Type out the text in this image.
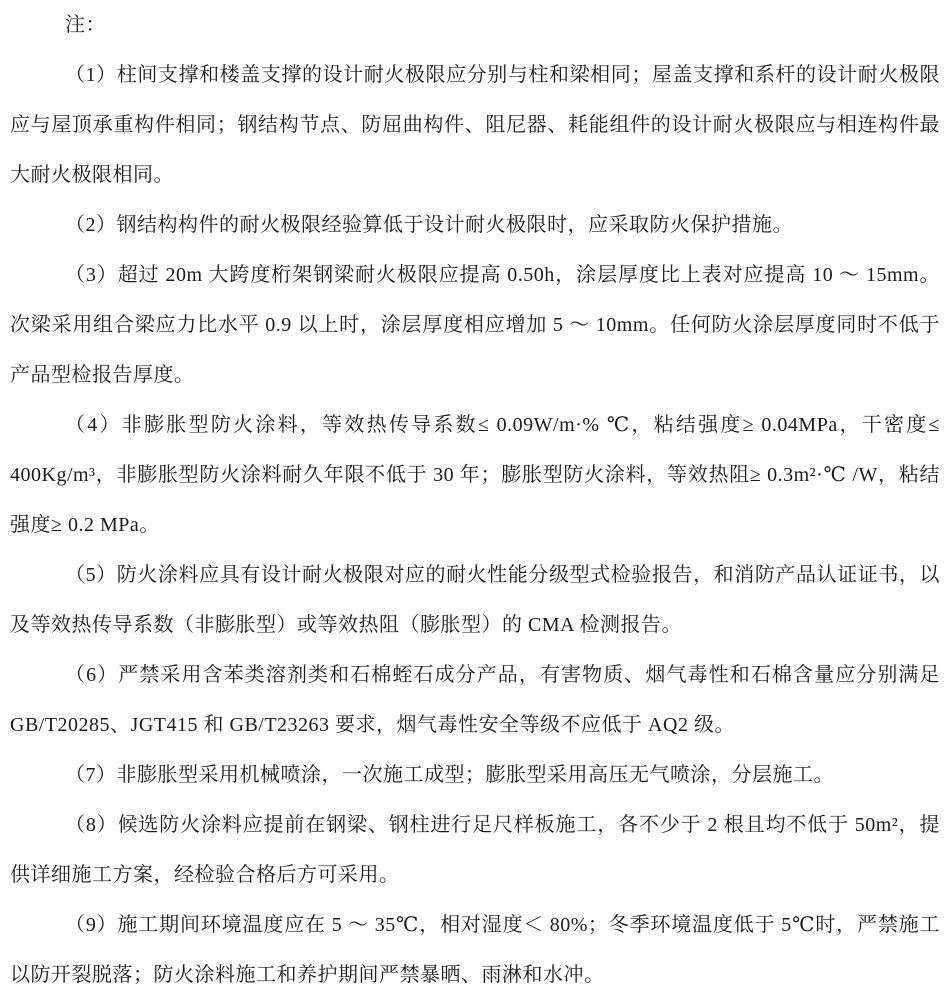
注：

（1）柱间支撑和楼盖支撑的设计耐火极限应分别与柱和梁相同；屋盖支撑和系杆的设计耐火极限应与屋顶承重构件相同；钢结构节点、防屈曲构件、阻尼器、耗能组件的设计耐火极限应与相连构件最大耐火极限相同。

（2）钢结构构件的耐火极限经验算低于设计耐火极限时，应采取防火保护措施。

（3）超过 20m 大跨度桁架钢梁耐火极限应提高 0.50h，涂层厚度比上表对应提高 10 ～ 15mm。次梁采用组合梁应力比水平 0.9 以上时，涂层厚度相应增加 5 ～ 10mm。任何防火涂层厚度同时不低于产品型检报告厚度。

（4）非膨胀型防火涂料，等效热传导系数≤ 0.09W/m·% ℃，粘结强度≥ 0.04MPa，干密度≤ 400Kg/m³，非膨胀型防火涂料耐久年限不低于 30 年；膨胀型防火涂料，等效热阻≥ 0.3m²·℃ /W，粘结强度≥ 0.2 MPa。

（5）防火涂料应具有设计耐火极限对应的耐火性能分级型式检验报告，和消防产品认证证书，以及等效热传导系数（非膨胀型）或等效热阻（膨胀型）的 CMA 检测报告。

（6）严禁采用含苯类溶剂类和石棉蛭石成分产品，有害物质、烟气毒性和石棉含量应分别满足 GB/T20285、JGT415 和 GB/T23263 要求，烟气毒性安全等级不应低于 AQ2 级。

（7）非膨胀型采用机械喷涂，一次施工成型；膨胀型采用高压无气喷涂，分层施工。

（8）候选防火涂料应提前在钢梁、钢柱进行足尺样板施工，各不少于 2 根且均不低于 50m²，提供详细施工方案，经检验合格后方可采用。

（9）施工期间环境温度应在 5 ～ 35℃，相对湿度＜ 80%；冬季环境温度低于 5℃时，严禁施工以防开裂脱落；防火涂料施工和养护期间严禁暴晒、雨淋和水冲。
